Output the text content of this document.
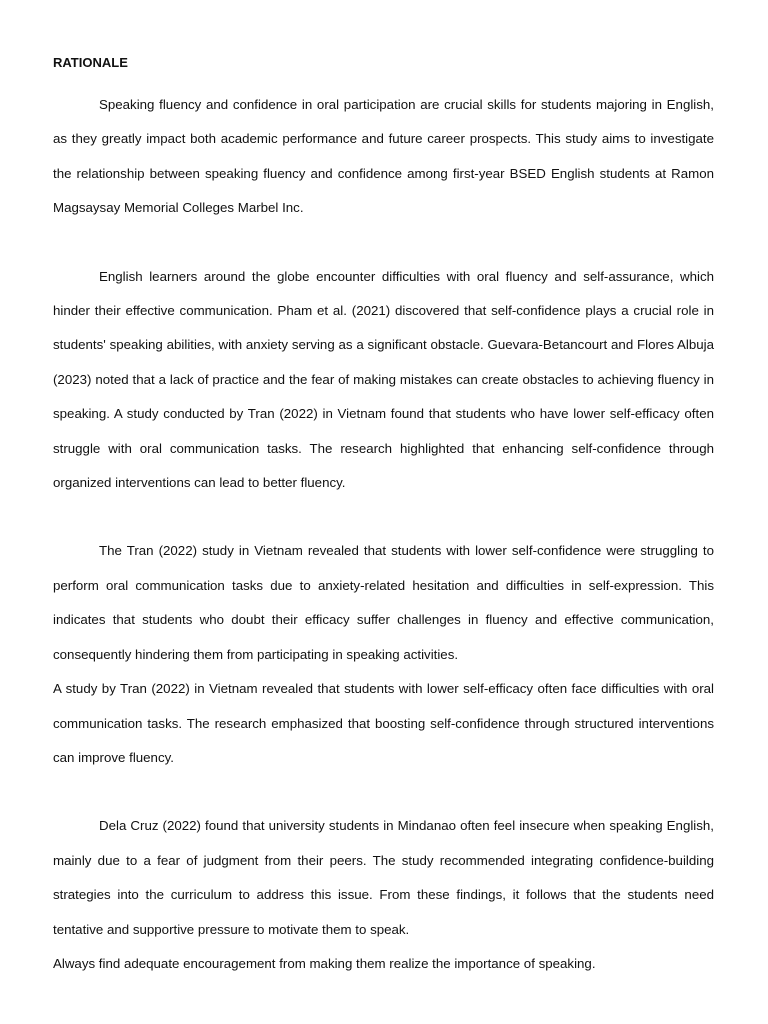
RATIONALE

Speaking fluency and confidence in oral participation are crucial skills for students majoring in English, as they greatly impact both academic performance and future career prospects. This study aims to investigate the relationship between speaking fluency and confidence among first-year BSED English students at Ramon Magsaysay Memorial Colleges Marbel Inc.

English learners around the globe encounter difficulties with oral fluency and self-assurance, which hinder their effective communication. Pham et al. (2021) discovered that self-confidence plays a crucial role in students' speaking abilities, with anxiety serving as a significant obstacle. Guevara-Betancourt and Flores Albuja (2023) noted that a lack of practice and the fear of making mistakes can create obstacles to achieving fluency in speaking. A study conducted by Tran (2022) in Vietnam found that students who have lower self-efficacy often struggle with oral communication tasks. The research highlighted that enhancing self-confidence through organized interventions can lead to better fluency.

The Tran (2022) study in Vietnam revealed that students with lower self-confidence were struggling to perform oral communication tasks due to anxiety-related hesitation and difficulties in self-expression. This indicates that students who doubt their efficacy suffer challenges in fluency and effective communication, consequently hindering them from participating in speaking activities.

A study by Tran (2022) in Vietnam revealed that students with lower self-efficacy often face difficulties with oral communication tasks. The research emphasized that boosting self-confidence through structured interventions can improve fluency.

Dela Cruz (2022) found that university students in Mindanao often feel insecure when speaking English, mainly due to a fear of judgment from their peers. The study recommended integrating confidence-building strategies into the curriculum to address this issue. From these findings, it follows that the students need tentative and supportive pressure to motivate them to speak.

Always find adequate encouragement from making them realize the importance of speaking.
